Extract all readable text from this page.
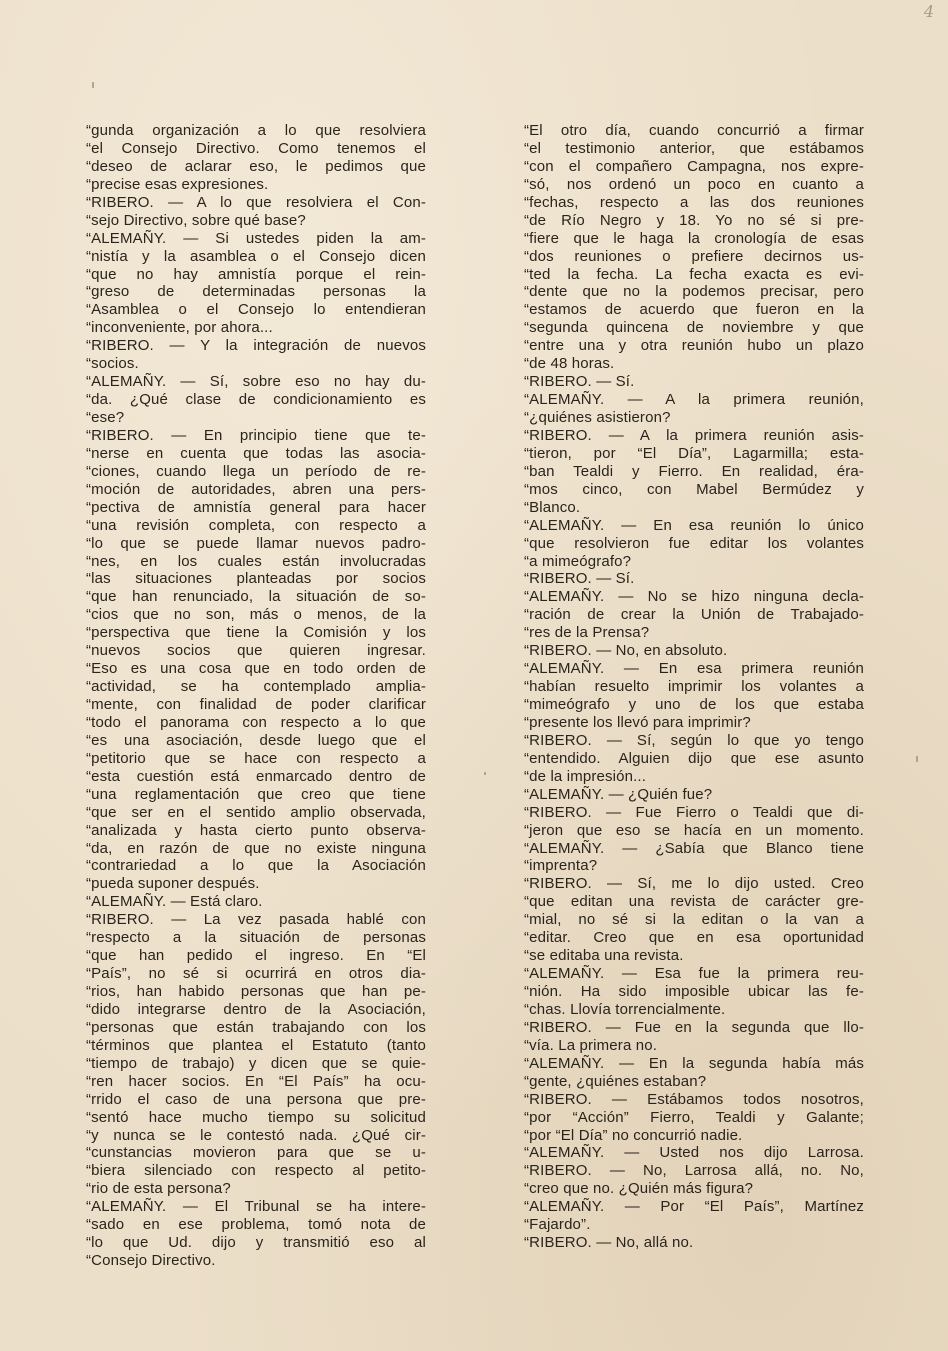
4
“gunda organización a lo que resolviera
“el Consejo Directivo. Como tenemos el
“deseo de aclarar eso, le pedimos que
“precise esas expresiones.
“RIBERO. — A lo que resolviera el Con-
“sejo Directivo, sobre qué base?
“ALEMAÑY. — Si ustedes piden la am-
“nistía y la asamblea o el Consejo dicen
“que no hay amnistía porque el rein-
“greso de determinadas personas la
“Asamblea o el Consejo lo entendieran
“inconveniente, por ahora...
“RIBERO. — Y la integración de nuevos
“socios.
“ALEMAÑY. — Sí, sobre eso no hay du-
“da. ¿Qué clase de condicionamiento es
“ese?
“RIBERO. — En principio tiene que te-
“nerse en cuenta que todas las asocia-
“ciones, cuando llega un período de re-
“moción de autoridades, abren una pers-
“pectiva de amnistía general para hacer
“una revisión completa, con respecto a
“lo que se puede llamar nuevos padro-
“nes, en los cuales están involucradas
“las situaciones planteadas por socios
“que han renunciado, la situación de so-
“cios que no son, más o menos, de la
“perspectiva que tiene la Comisión y los
“nuevos socios que quieren ingresar.
“Eso es una cosa que en todo orden de
“actividad, se ha contemplado amplia-
“mente, con finalidad de poder clarificar
“todo el panorama con respecto a lo que
“es una asociación, desde luego que el
“petitorio que se hace con respecto a
“esta cuestión está enmarcado dentro de
“una reglamentación que creo que tiene
“que ser en el sentido amplio observada,
“analizada y hasta cierto punto observa-
“da, en razón de que no existe ninguna
“contrariedad a lo que la Asociación
“pueda suponer después.
“ALEMAÑY. — Está claro.
“RIBERO. — La vez pasada hablé con
“respecto a la situación de personas
“que han pedido el ingreso. En “El
“País”, no sé si ocurrirá en otros dia-
“rios, han habido personas que han pe-
“dido integrarse dentro de la Asociación,
“personas que están trabajando con los
“términos que plantea el Estatuto (tanto
“tiempo de trabajo) y dicen que se quie-
“ren hacer socios. En “El País” ha ocu-
“rrido el caso de una persona que pre-
“sentó hace mucho tiempo su solicitud
“y nunca se le contestó nada. ¿Qué cir-
“cunstancias movieron para que se u-
“biera silenciado con respecto al petito-
“rio de esta persona?
“ALEMAÑY. — El Tribunal se ha intere-
“sado en ese problema, tomó nota de
“lo que Ud. dijo y transmitió eso al
“Consejo Directivo.
“El otro día, cuando concurrió a firmar
“el testimonio anterior, que estábamos
“con el compañero Campagna, nos expre-
“só, nos ordenó un poco en cuanto a
“fechas, respecto a las dos reuniones
“de Río Negro y 18. Yo no sé si pre-
“fiere que le haga la cronología de esas
“dos reuniones o prefiere decirnos us-
“ted la fecha. La fecha exacta es evi-
“dente que no la podemos precisar, pero
“estamos de acuerdo que fueron en la
“segunda quincena de noviembre y que
“entre una y otra reunión hubo un plazo
“de 48 horas.
“RIBERO. — Sí.
“ALEMAÑY. — A la primera reunión,
“¿quiénes asistieron?
“RIBERO. — A la primera reunión asis-
“tieron, por “El Día”, Lagarmilla; esta-
“ban Tealdi y Fierro. En realidad, éra-
“mos cinco, con Mabel Bermúdez y
“Blanco.
“ALEMAÑY. — En esa reunión lo único
“que resolvieron fue editar los volantes
“a mimeógrafo?
“RIBERO. — Sí.
“ALEMAÑY. — No se hizo ninguna decla-
“ración de crear la Unión de Trabajado-
“res de la Prensa?
“RIBERO. — No, en absoluto.
“ALEMAÑY. — En esa primera reunión
“habían resuelto imprimir los volantes a
“mimeógrafo y uno de los que estaba
“presente los llevó para imprimir?
“RIBERO. — Sí, según lo que yo tengo
“entendido. Alguien dijo que ese asunto
“de la impresión...
“ALEMAÑY. — ¿Quién fue?
“RIBERO. — Fue Fierro o Tealdi que di-
“jeron que eso se hacía en un momento.
“ALEMAÑY. — ¿Sabía que Blanco tiene
“imprenta?
“RIBERO. — Sí, me lo dijo usted. Creo
“que editan una revista de carácter gre-
“mial, no sé si la editan o la van a
“editar. Creo que en esa oportunidad
“se editaba una revista.
“ALEMAÑY. — Esa fue la primera reu-
“nión. Ha sido imposible ubicar las fe-
“chas. Llovía torrencialmente.
“RIBERO. — Fue en la segunda que llo-
“vía. La primera no.
“ALEMAÑY. — En la segunda había más
“gente, ¿quiénes estaban?
“RIBERO. — Estábamos todos nosotros,
“por “Acción” Fierro, Tealdi y Galante;
“por “El Día” no concurrió nadie.
“ALEMAÑY. — Usted nos dijo Larrosa.
“RIBERO. — No, Larrosa allá, no. No,
“creo que no. ¿Quién más figura?
“ALEMAÑY. — Por “El País”, Martínez
“Fajardo”.
“RIBERO. — No, allá no.
